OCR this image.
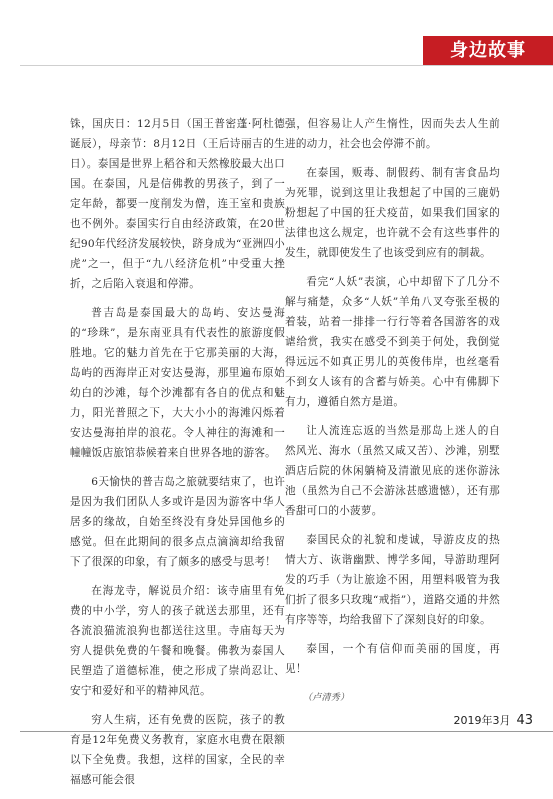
身边故事

铢，国庆日：12月5日（国王普密蓬·阿杜德诞辰），母亲节：8月12日（王后诗丽吉的生日）。泰国是世界上稻谷和天然橡胶最大出口国。在泰国，凡是信佛教的男孩子，到了一定年龄，都要一度削发为僧，连王室和贵族也不例外。泰国实行自由经济政策，在20世纪90年代经济发展较快，跻身成为“亚洲四小虎”之一，但于“九八经济危机”中受重大挫折，之后陷入衰退和停滞。

普吉岛是泰国最大的岛屿、安达曼海的“珍珠”，是东南亚具有代表性的旅游度假胜地。它的魅力首先在于它那美丽的大海，岛屿的西海岸正对安达曼海，那里遍布原始幼白的沙滩，每个沙滩都有各自的优点和魅力，阳光普照之下，大大小小的海滩闪烁着安达曼海拍岸的浪花。令人神往的海滩和一幢幢饭店旅馆恭候着来自世界各地的游客。

6天愉快的普吉岛之旅就要结束了，也许是因为我们团队人多或许是因为游客中华人居多的缘故，自始至终没有身处异国他乡的感觉。但在此期间的很多点点滴滴却给我留下了很深的印象，有了颇多的感受与思考！

在海龙寺，解说员介绍：该寺庙里有免费的中小学，穷人的孩子就送去那里，还有各流浪猫流浪狗也都送往这里。寺庙每天为穷人提供免费的午餐和晚餐。佛教为泰国人民塑造了道德标准，使之形成了崇尚忍让、安宁和爱好和平的精神风范。

穷人生病，还有免费的医院，孩子的教育是12年免费义务教育，家庭水电费在限额以下全免费。我想，这样的国家，全民的幸福感可能会很

强，但容易让人产生惰性，因而失去人生前进的动力，社会也会停滞不前。

在泰国，贩毒、制假药、制有害食品均为死罪，说到这里让我想起了中国的三鹿奶粉想起了中国的狂犬疫苗，如果我们国家的法律也这么规定，也许就不会有这些事件的发生，就即使发生了也该受到应有的制裁。

看完“人妖”表演，心中却留下了几分不解与痛楚，众多“人妖”羊角八叉夸张至极的着装，站着一排排一行行等着各国游客的戏谑给赏，我实在感受不到美于何处，我倒觉得远远不如真正男儿的英俊伟岸，也丝毫看不到女人该有的含蓄与娇美。心中有佛脚下有力，遵循自然方是道。

让人流连忘返的当然是那岛上迷人的自然风光、海水（虽然又咸又苦）、沙滩，别墅酒店后院的休闲躺椅及清澈见底的迷你游泳池（虽然为自己不会游泳甚感遗憾），还有那香甜可口的小菠萝。

泰国民众的礼貌和虔诚，导游皮皮的热情大方、诙谐幽默、博学多闻，导游助理阿发的巧手（为让旅途不困，用塑料吸管为我们折了很多只玫瑰“戒指”），道路交通的井然有序等等，均给我留下了深刻良好的印象。

泰国，一个有信仰而美丽的国度，再见！

（卢清秀）

2019年3月 43
